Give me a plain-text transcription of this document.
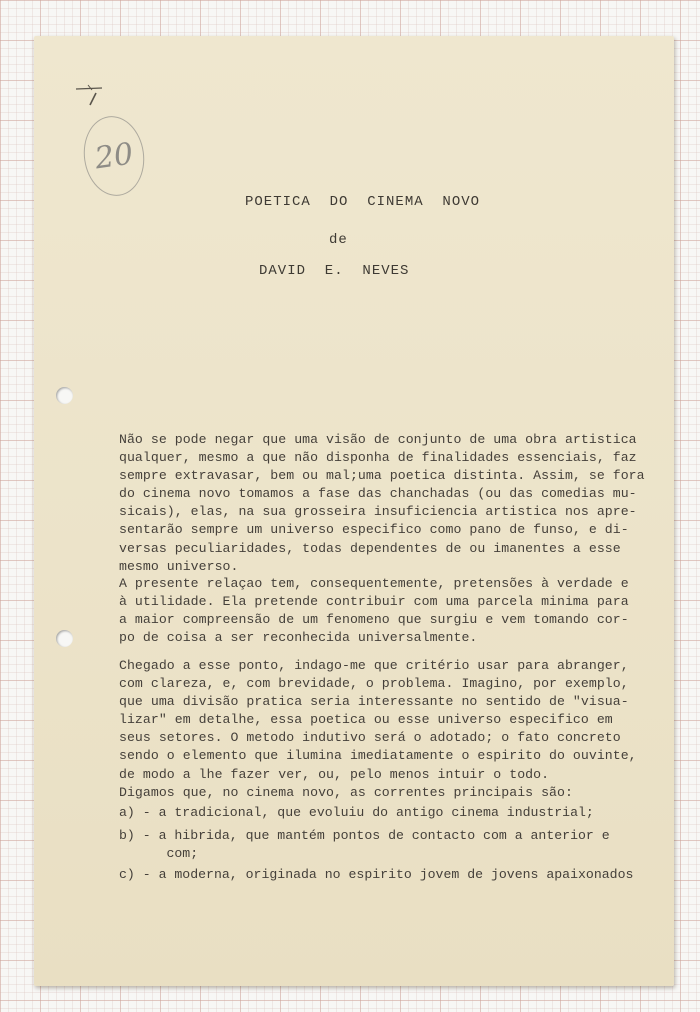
20
POETICA  DO  CINEMA  NOVO
de
DAVID  E.  NEVES
Não se pode negar que uma visão de conjunto de uma obra artistica
qualquer, mesmo a que não disponha de finalidades essenciais, faz
sempre extravasar, bem ou mal;uma poetica distinta. Assim, se fora
do cinema novo tomamos a fase das chanchadas (ou das comedias mu-
sicais), elas, na sua grosseira insuficiencia artistica nos apre-
sentarão sempre um universo especifico como pano de funso, e di-
versas peculiaridades, todas dependentes de ou imanentes a esse
mesmo universo.
A presente relaçao tem, consequentemente, pretensões à verdade e
à utilidade. Ela pretende contribuir com uma parcela minima para
a maior compreensão de um fenomeno que surgiu e vem tomando cor-
po de coisa a ser reconhecida universalmente.
Chegado a esse ponto, indago-me que critério usar para abranger,
com clareza, e, com brevidade, o problema. Imagino, por exemplo,
que uma divisão pratica seria interessante no sentido de "visua-
lizar" em detalhe, essa poetica ou esse universo especifico em
seus setores. O metodo indutivo será o adotado; o fato concreto
sendo o elemento que ilumina imediatamente o espirito do ouvinte,
de modo a lhe fazer ver, ou, pelo menos intuir o todo.
Digamos que, no cinema novo, as correntes principais são:
a) - a tradicional, que evoluiu do antigo cinema industrial;
b) - a hibrida, que mantém pontos de contacto com a anterior e
com;
c) - a moderna, originada no espirito jovem de jovens apaixonados
